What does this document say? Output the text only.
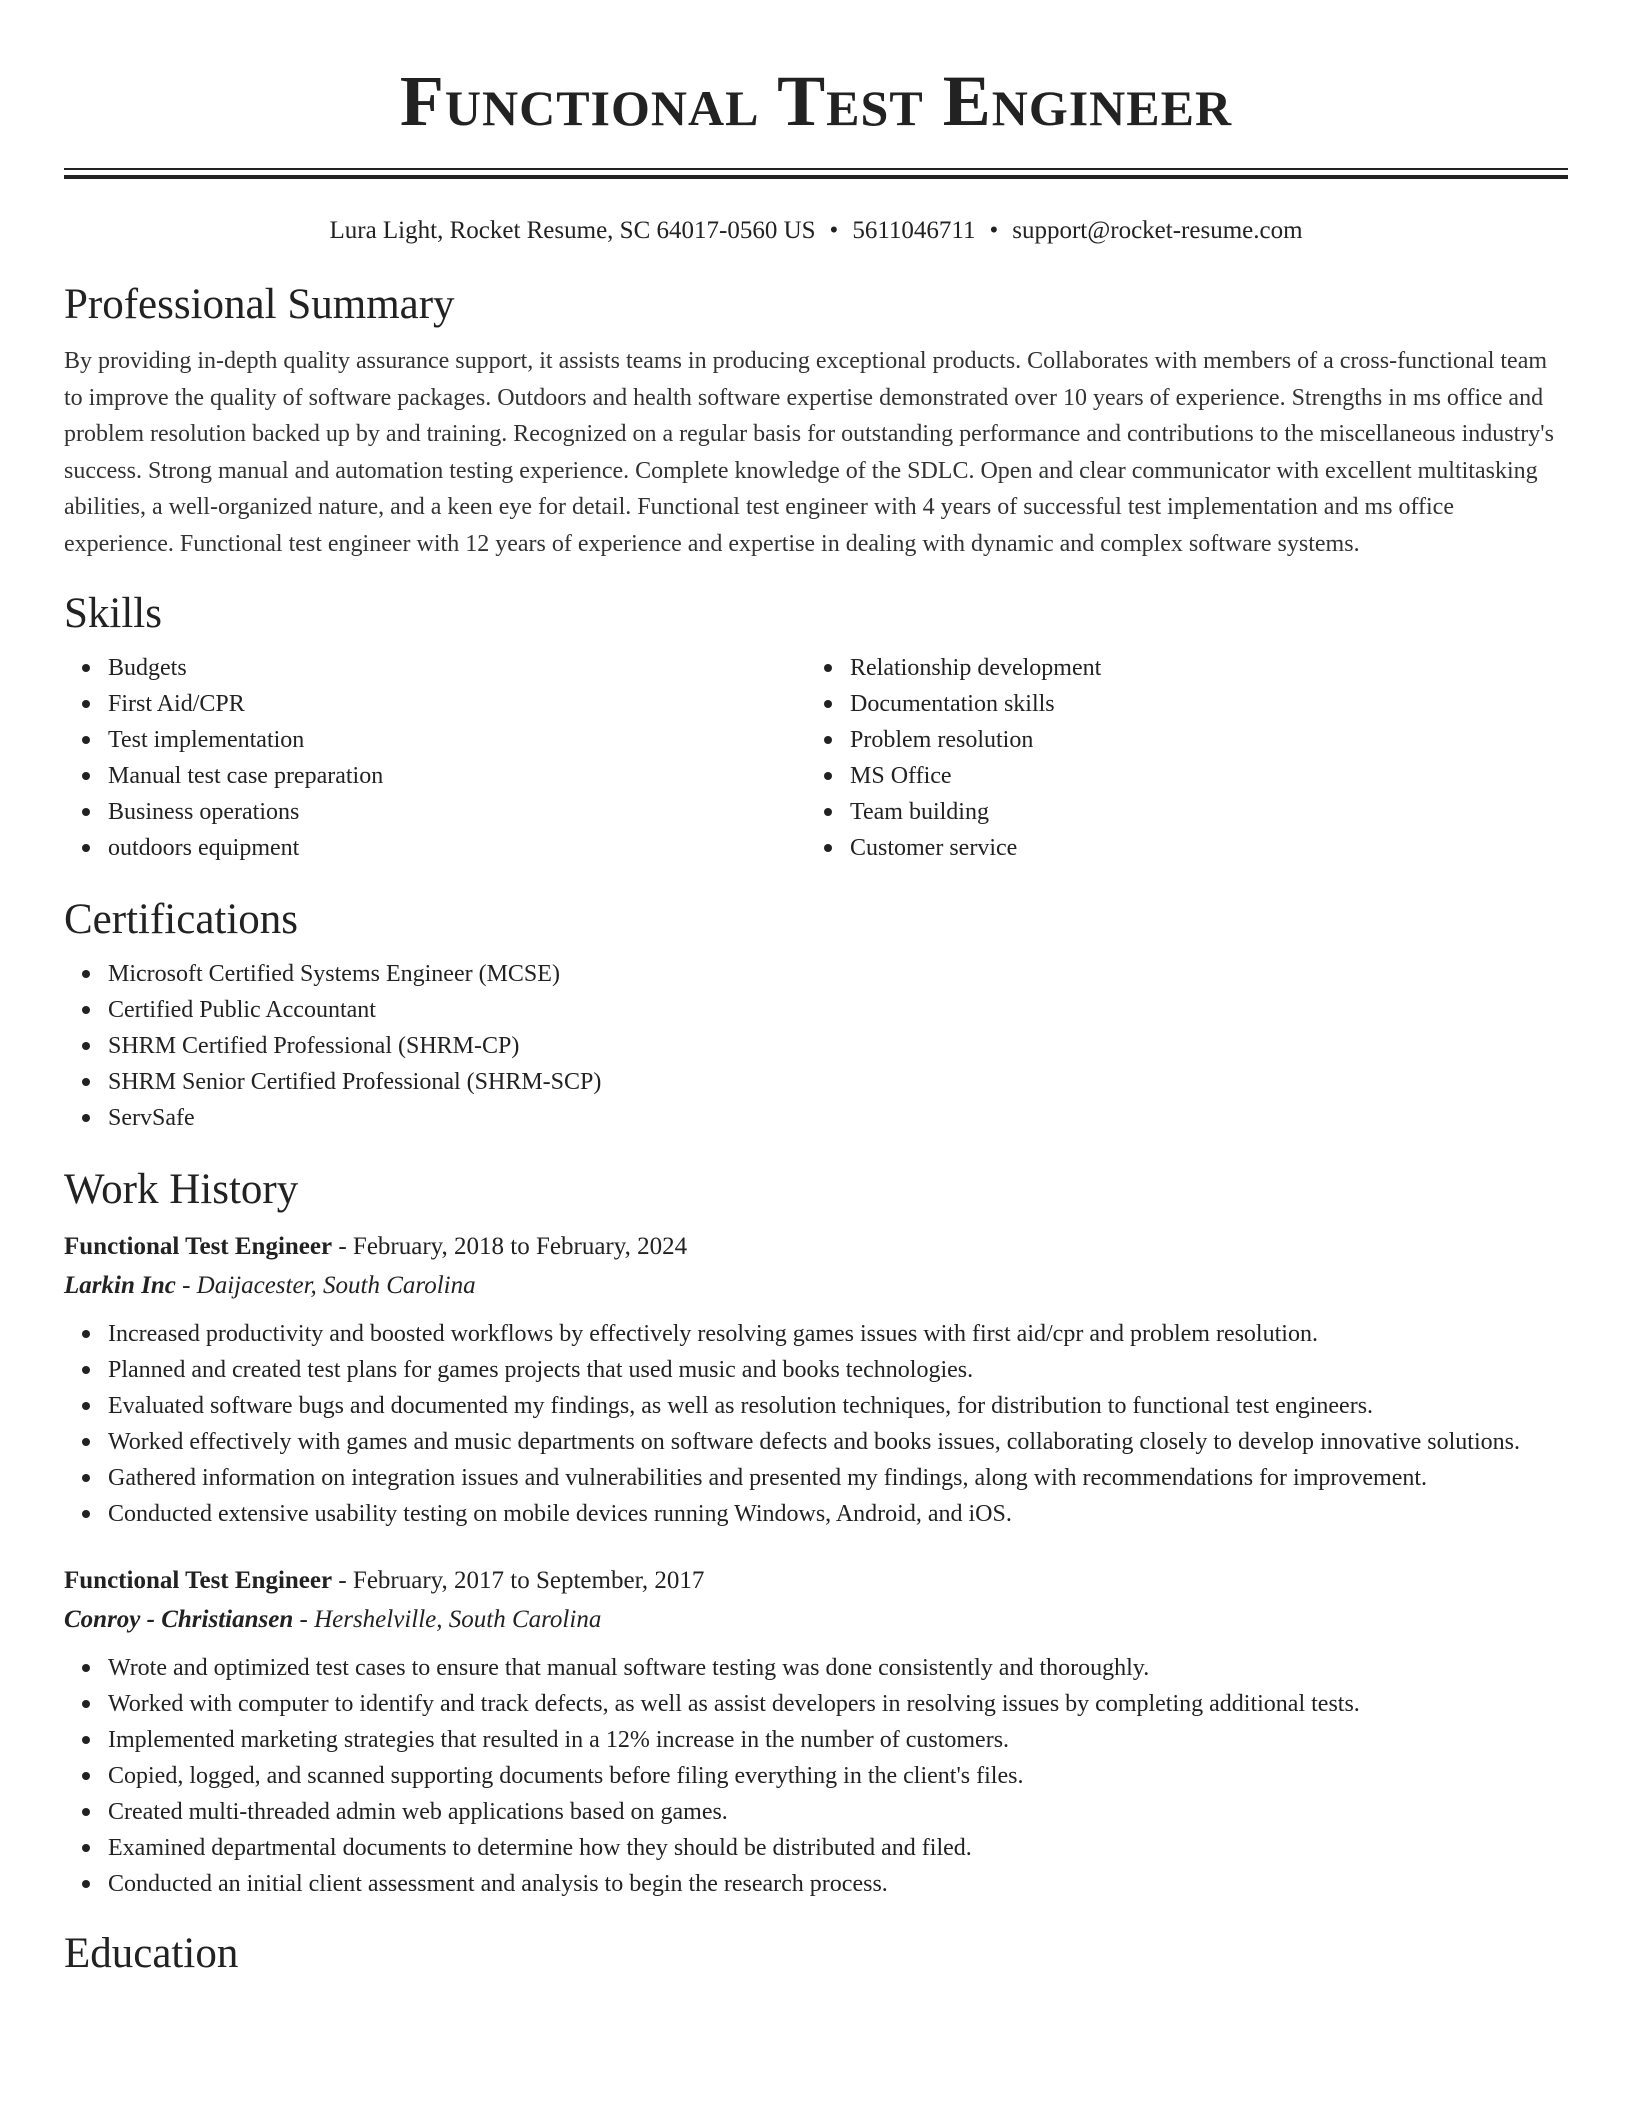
Functional Test Engineer
Lura Light, Rocket Resume, SC 64017-0560 US • 5611046711 • support@rocket-resume.com
Professional Summary

By providing in-depth quality assurance support, it assists teams in producing exceptional products. Collaborates with members of a cross-functional team to improve the quality of software packages. Outdoors and health software expertise demonstrated over 10 years of experience. Strengths in ms office and problem resolution backed up by and training. Recognized on a regular basis for outstanding performance and contributions to the miscellaneous industry's success. Strong manual and automation testing experience. Complete knowledge of the SDLC. Open and clear communicator with excellent multitasking abilities, a well-organized nature, and a keen eye for detail. Functional test engineer with 4 years of successful test implementation and ms office experience. Functional test engineer with 12 years of experience and expertise in dealing with dynamic and complex software systems.

Skills
Budgets
First Aid/CPR
Test implementation
Manual test case preparation
Business operations
outdoors equipment
Relationship development
Documentation skills
Problem resolution
MS Office
Team building
Customer service
Certifications
Microsoft Certified Systems Engineer (MCSE)
Certified Public Accountant
SHRM Certified Professional (SHRM-CP)
SHRM Senior Certified Professional (SHRM-SCP)
ServSafe
Work History
Functional Test Engineer - February, 2018 to February, 2024
Larkin Inc - Daijacester, South Carolina
Increased productivity and boosted workflows by effectively resolving games issues with first aid/cpr and problem resolution.
Planned and created test plans for games projects that used music and books technologies.
Evaluated software bugs and documented my findings, as well as resolution techniques, for distribution to functional test engineers.
Worked effectively with games and music departments on software defects and books issues, collaborating closely to develop innovative solutions.
Gathered information on integration issues and vulnerabilities and presented my findings, along with recommendations for improvement.
Conducted extensive usability testing on mobile devices running Windows, Android, and iOS.
Functional Test Engineer - February, 2017 to September, 2017
Conroy - Christiansen - Hershelville, South Carolina
Wrote and optimized test cases to ensure that manual software testing was done consistently and thoroughly.
Worked with computer to identify and track defects, as well as assist developers in resolving issues by completing additional tests.
Implemented marketing strategies that resulted in a 12% increase in the number of customers.
Copied, logged, and scanned supporting documents before filing everything in the client's files.
Created multi-threaded admin web applications based on games.
Examined departmental documents to determine how they should be distributed and filed.
Conducted an initial client assessment and analysis to begin the research process.
Education
